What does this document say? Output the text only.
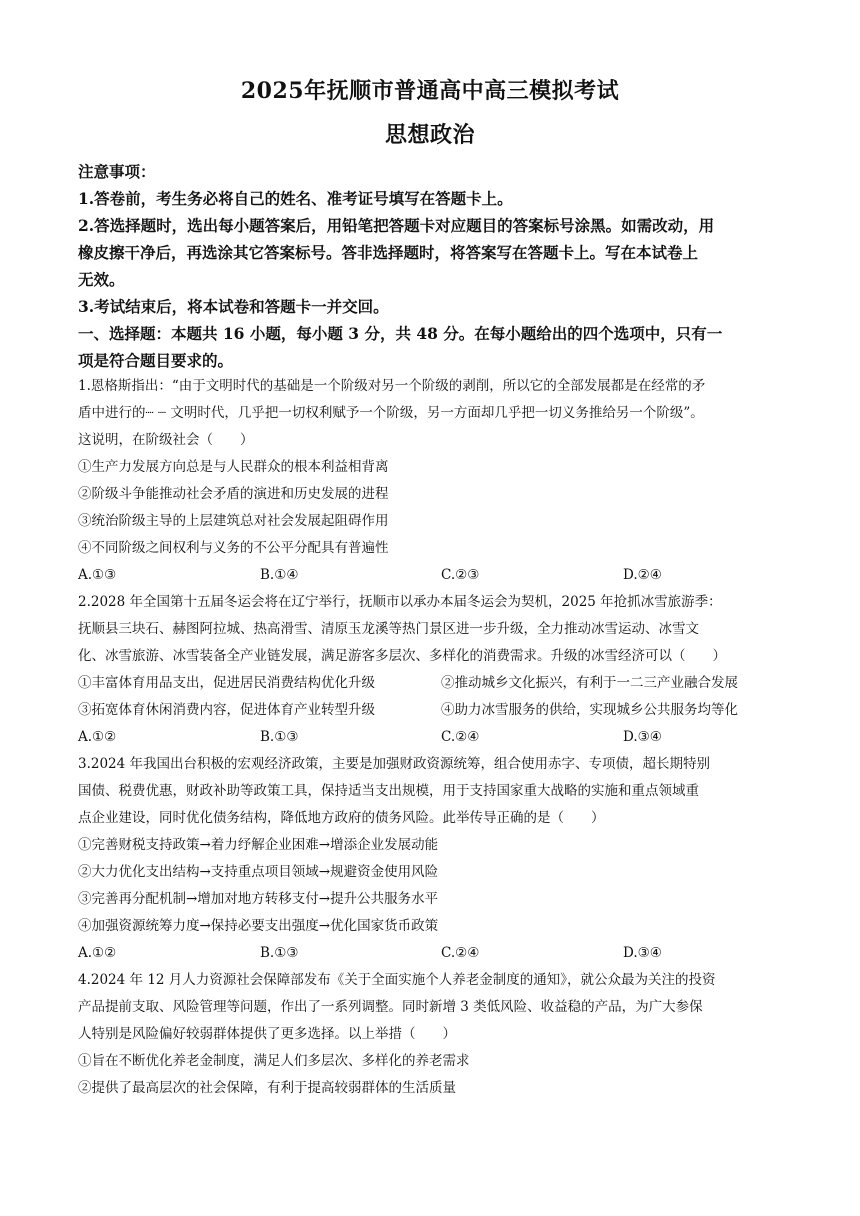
2025年抚顺市普通高中高三模拟考试
思想政治
注意事项：
1.答卷前，考生务必将自己的姓名、准考证号填写在答题卡上。
2.答选择题时，选出每小题答案后，用铅笔把答题卡对应题目的答案标号涂黑。如需改动，用
橡皮擦干净后，再选涂其它答案标号。答非选择题时，将答案写在答题卡上。写在本试卷上
无效。
3.考试结束后，将本试卷和答题卡一并交回。
一、选择题：本题共 16 小题，每小题 3 分，共 48 分。在每小题给出的四个选项中，只有一
项是符合题目要求的。
1.恩格斯指出：“由于文明时代的基础是一个阶级对另一个阶级的剥削，所以它的全部发展都是在经常的矛
盾中进行的┈ ┈ 文明时代，几乎把一切权利赋予一个阶级，另一方面却几乎把一切义务推给另一个阶级”。
这说明，在阶级社会（　　）
①生产力发展方向总是与人民群众的根本利益相背离
②阶级斗争能推动社会矛盾的演进和历史发展的进程
③统治阶级主导的上层建筑总对社会发展起阻碍作用
④不同阶级之间权利与义务的不公平分配具有普遍性
A.①③	B.①④	C.②③	D.②④
2.2028 年全国第十五届冬运会将在辽宁举行，抚顺市以承办本届冬运会为契机，2025 年抢抓冰雪旅游季：
抚顺县三块石、赫图阿拉城、热高滑雪、清原玉龙溪等热门景区进一步升级，全力推动冰雪运动、冰雪文
化、冰雪旅游、冰雪装备全产业链发展，满足游客多层次、多样化的消费需求。升级的冰雪经济可以（　　）
①丰富体育用品支出，促进居民消费结构优化升级	②推动城乡文化振兴，有利于一二三产业融合发展
③拓宽体育休闲消费内容，促进体育产业转型升级	④助力冰雪服务的供给，实现城乡公共服务均等化
A.①②	B.①③	C.②④	D.③④
3.2024 年我国出台积极的宏观经济政策，主要是加强财政资源统筹，组合使用赤字、专项债，超长期特别
国债、税费优惠，财政补助等政策工具，保持适当支出规模，用于支持国家重大战略的实施和重点领域重
点企业建设，同时优化债务结构，降低地方政府的债务风险。此举传导正确的是（　　）
①完善财税支持政策→着力纾解企业困难→增添企业发展动能
②大力优化支出结构→支持重点项目领域→规避资金使用风险
③完善再分配机制→增加对地方转移支付→提升公共服务水平
④加强资源统筹力度→保持必要支出强度→优化国家货币政策
A.①②	B.①③	C.②④	D.③④
4.2024 年 12 月人力资源社会保障部发布《关于全面实施个人养老金制度的通知》，就公众最为关注的投资
产品提前支取、风险管理等问题，作出了一系列调整。同时新增 3 类低风险、收益稳的产品，为广大参保
人特别是风险偏好较弱群体提供了更多选择。以上举措（　　）
①旨在不断优化养老金制度，满足人们多层次、多样化的养老需求
②提供了最高层次的社会保障，有利于提高较弱群体的生活质量
